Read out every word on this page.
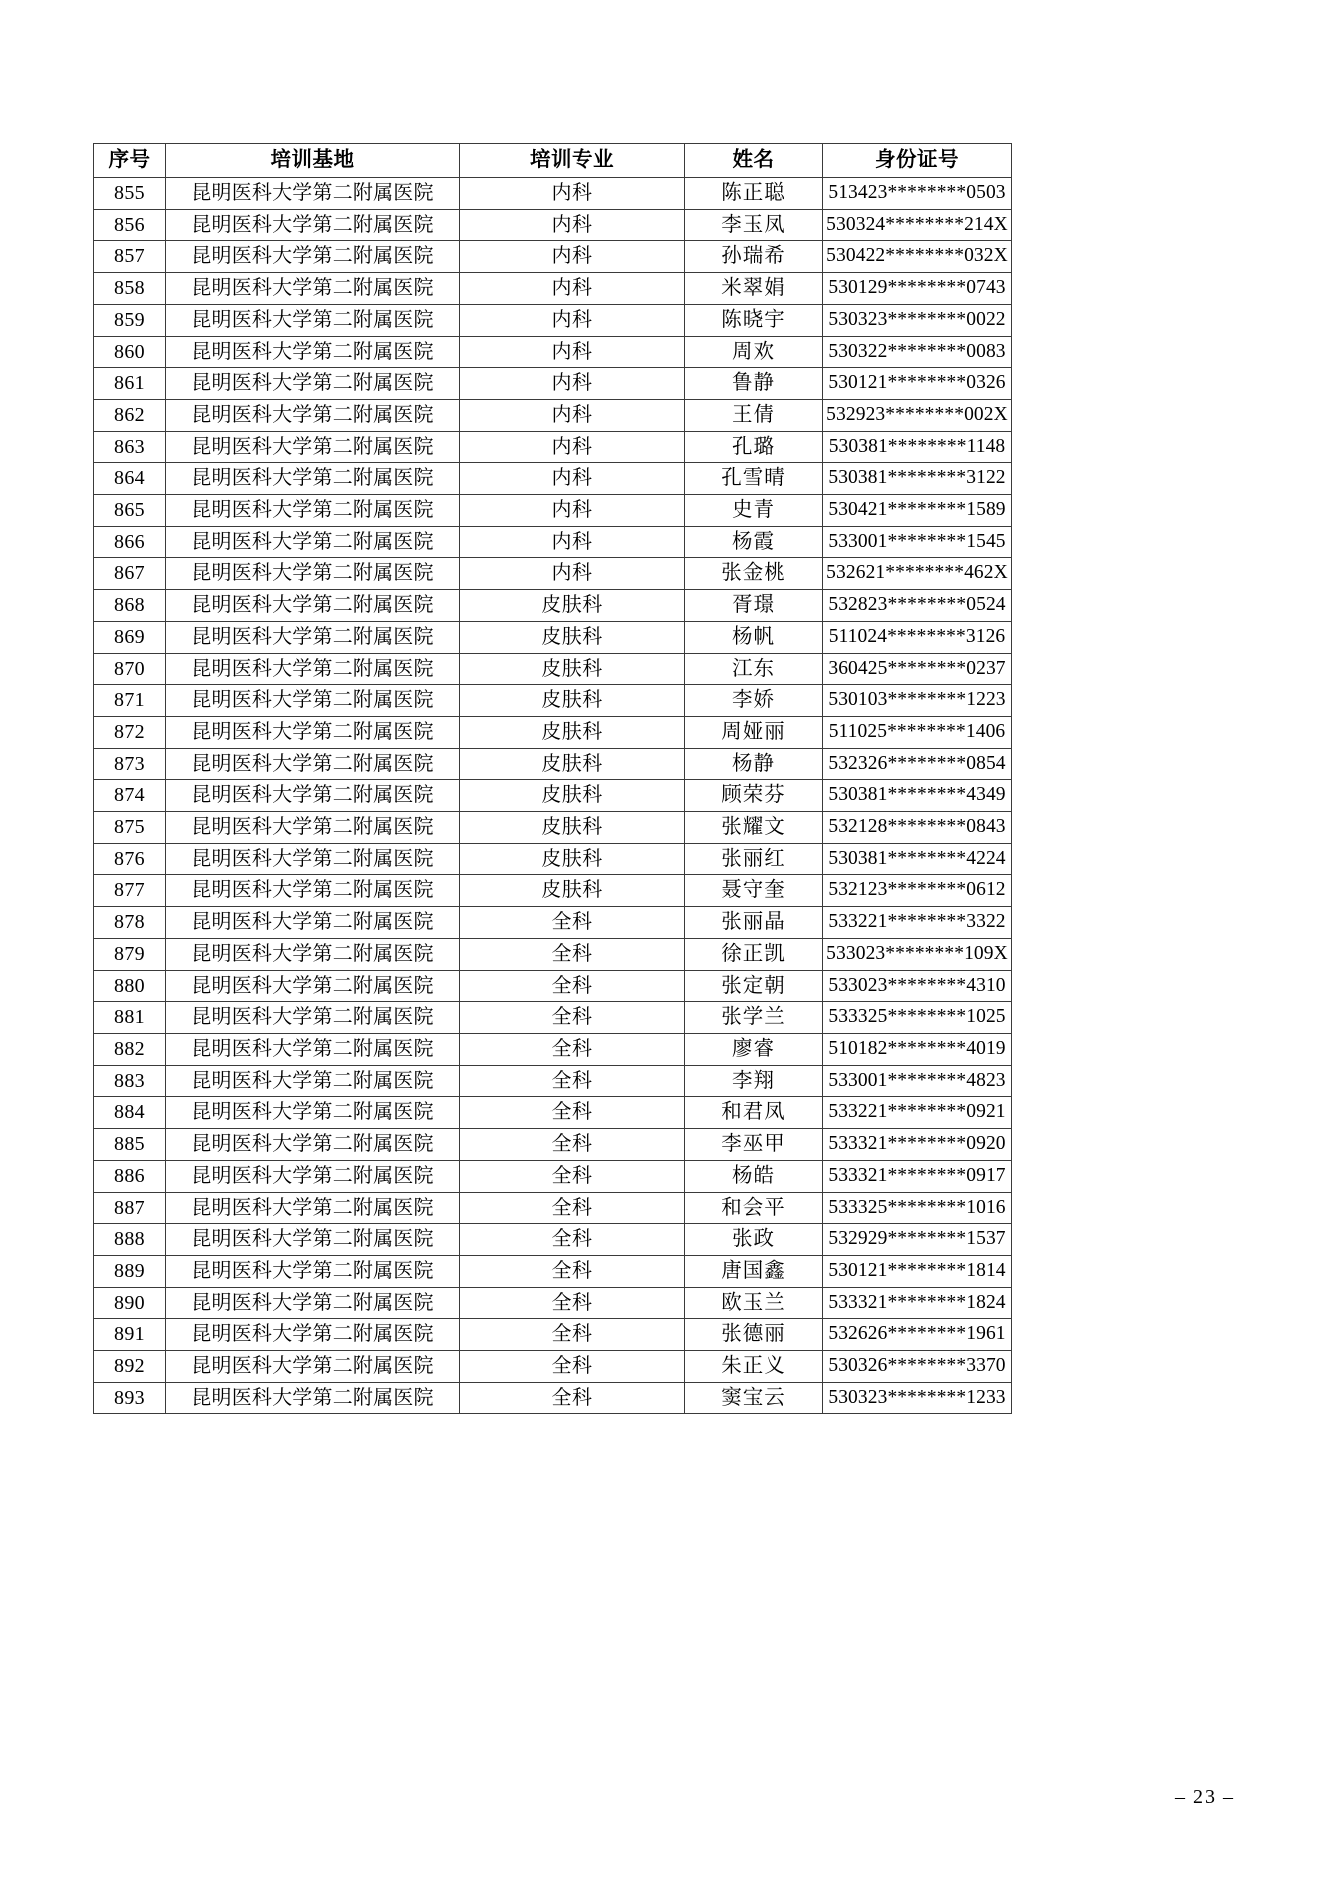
序号	培训基地	培训专业	姓名	身份证号
855	昆明医科大学第二附属医院	内科	陈正聪	513423********0503
856	昆明医科大学第二附属医院	内科	李玉凤	530324********214X
857	昆明医科大学第二附属医院	内科	孙瑞希	530422********032X
858	昆明医科大学第二附属医院	内科	米翠娟	530129********0743
859	昆明医科大学第二附属医院	内科	陈晓宇	530323********0022
860	昆明医科大学第二附属医院	内科	周欢	530322********0083
861	昆明医科大学第二附属医院	内科	鲁静	530121********0326
862	昆明医科大学第二附属医院	内科	王倩	532923********002X
863	昆明医科大学第二附属医院	内科	孔璐	530381********1148
864	昆明医科大学第二附属医院	内科	孔雪晴	530381********3122
865	昆明医科大学第二附属医院	内科	史青	530421********1589
866	昆明医科大学第二附属医院	内科	杨霞	533001********1545
867	昆明医科大学第二附属医院	内科	张金桃	532621********462X
868	昆明医科大学第二附属医院	皮肤科	胥璟	532823********0524
869	昆明医科大学第二附属医院	皮肤科	杨帆	511024********3126
870	昆明医科大学第二附属医院	皮肤科	江东	360425********0237
871	昆明医科大学第二附属医院	皮肤科	李娇	530103********1223
872	昆明医科大学第二附属医院	皮肤科	周娅丽	511025********1406
873	昆明医科大学第二附属医院	皮肤科	杨静	532326********0854
874	昆明医科大学第二附属医院	皮肤科	顾荣芬	530381********4349
875	昆明医科大学第二附属医院	皮肤科	张耀文	532128********0843
876	昆明医科大学第二附属医院	皮肤科	张丽红	530381********4224
877	昆明医科大学第二附属医院	皮肤科	聂守奎	532123********0612
878	昆明医科大学第二附属医院	全科	张丽晶	533221********3322
879	昆明医科大学第二附属医院	全科	徐正凯	533023********109X
880	昆明医科大学第二附属医院	全科	张定朝	533023********4310
881	昆明医科大学第二附属医院	全科	张学兰	533325********1025
882	昆明医科大学第二附属医院	全科	廖睿	510182********4019
883	昆明医科大学第二附属医院	全科	李翔	533001********4823
884	昆明医科大学第二附属医院	全科	和君凤	533221********0921
885	昆明医科大学第二附属医院	全科	李巫甲	533321********0920
886	昆明医科大学第二附属医院	全科	杨皓	533321********0917
887	昆明医科大学第二附属医院	全科	和会平	533325********1016
888	昆明医科大学第二附属医院	全科	张政	532929********1537
889	昆明医科大学第二附属医院	全科	唐国鑫	530121********1814
890	昆明医科大学第二附属医院	全科	欧玉兰	533321********1824
891	昆明医科大学第二附属医院	全科	张德丽	532626********1961
892	昆明医科大学第二附属医院	全科	朱正义	530326********3370
893	昆明医科大学第二附属医院	全科	窦宝云	530323********1233
– 23 –
